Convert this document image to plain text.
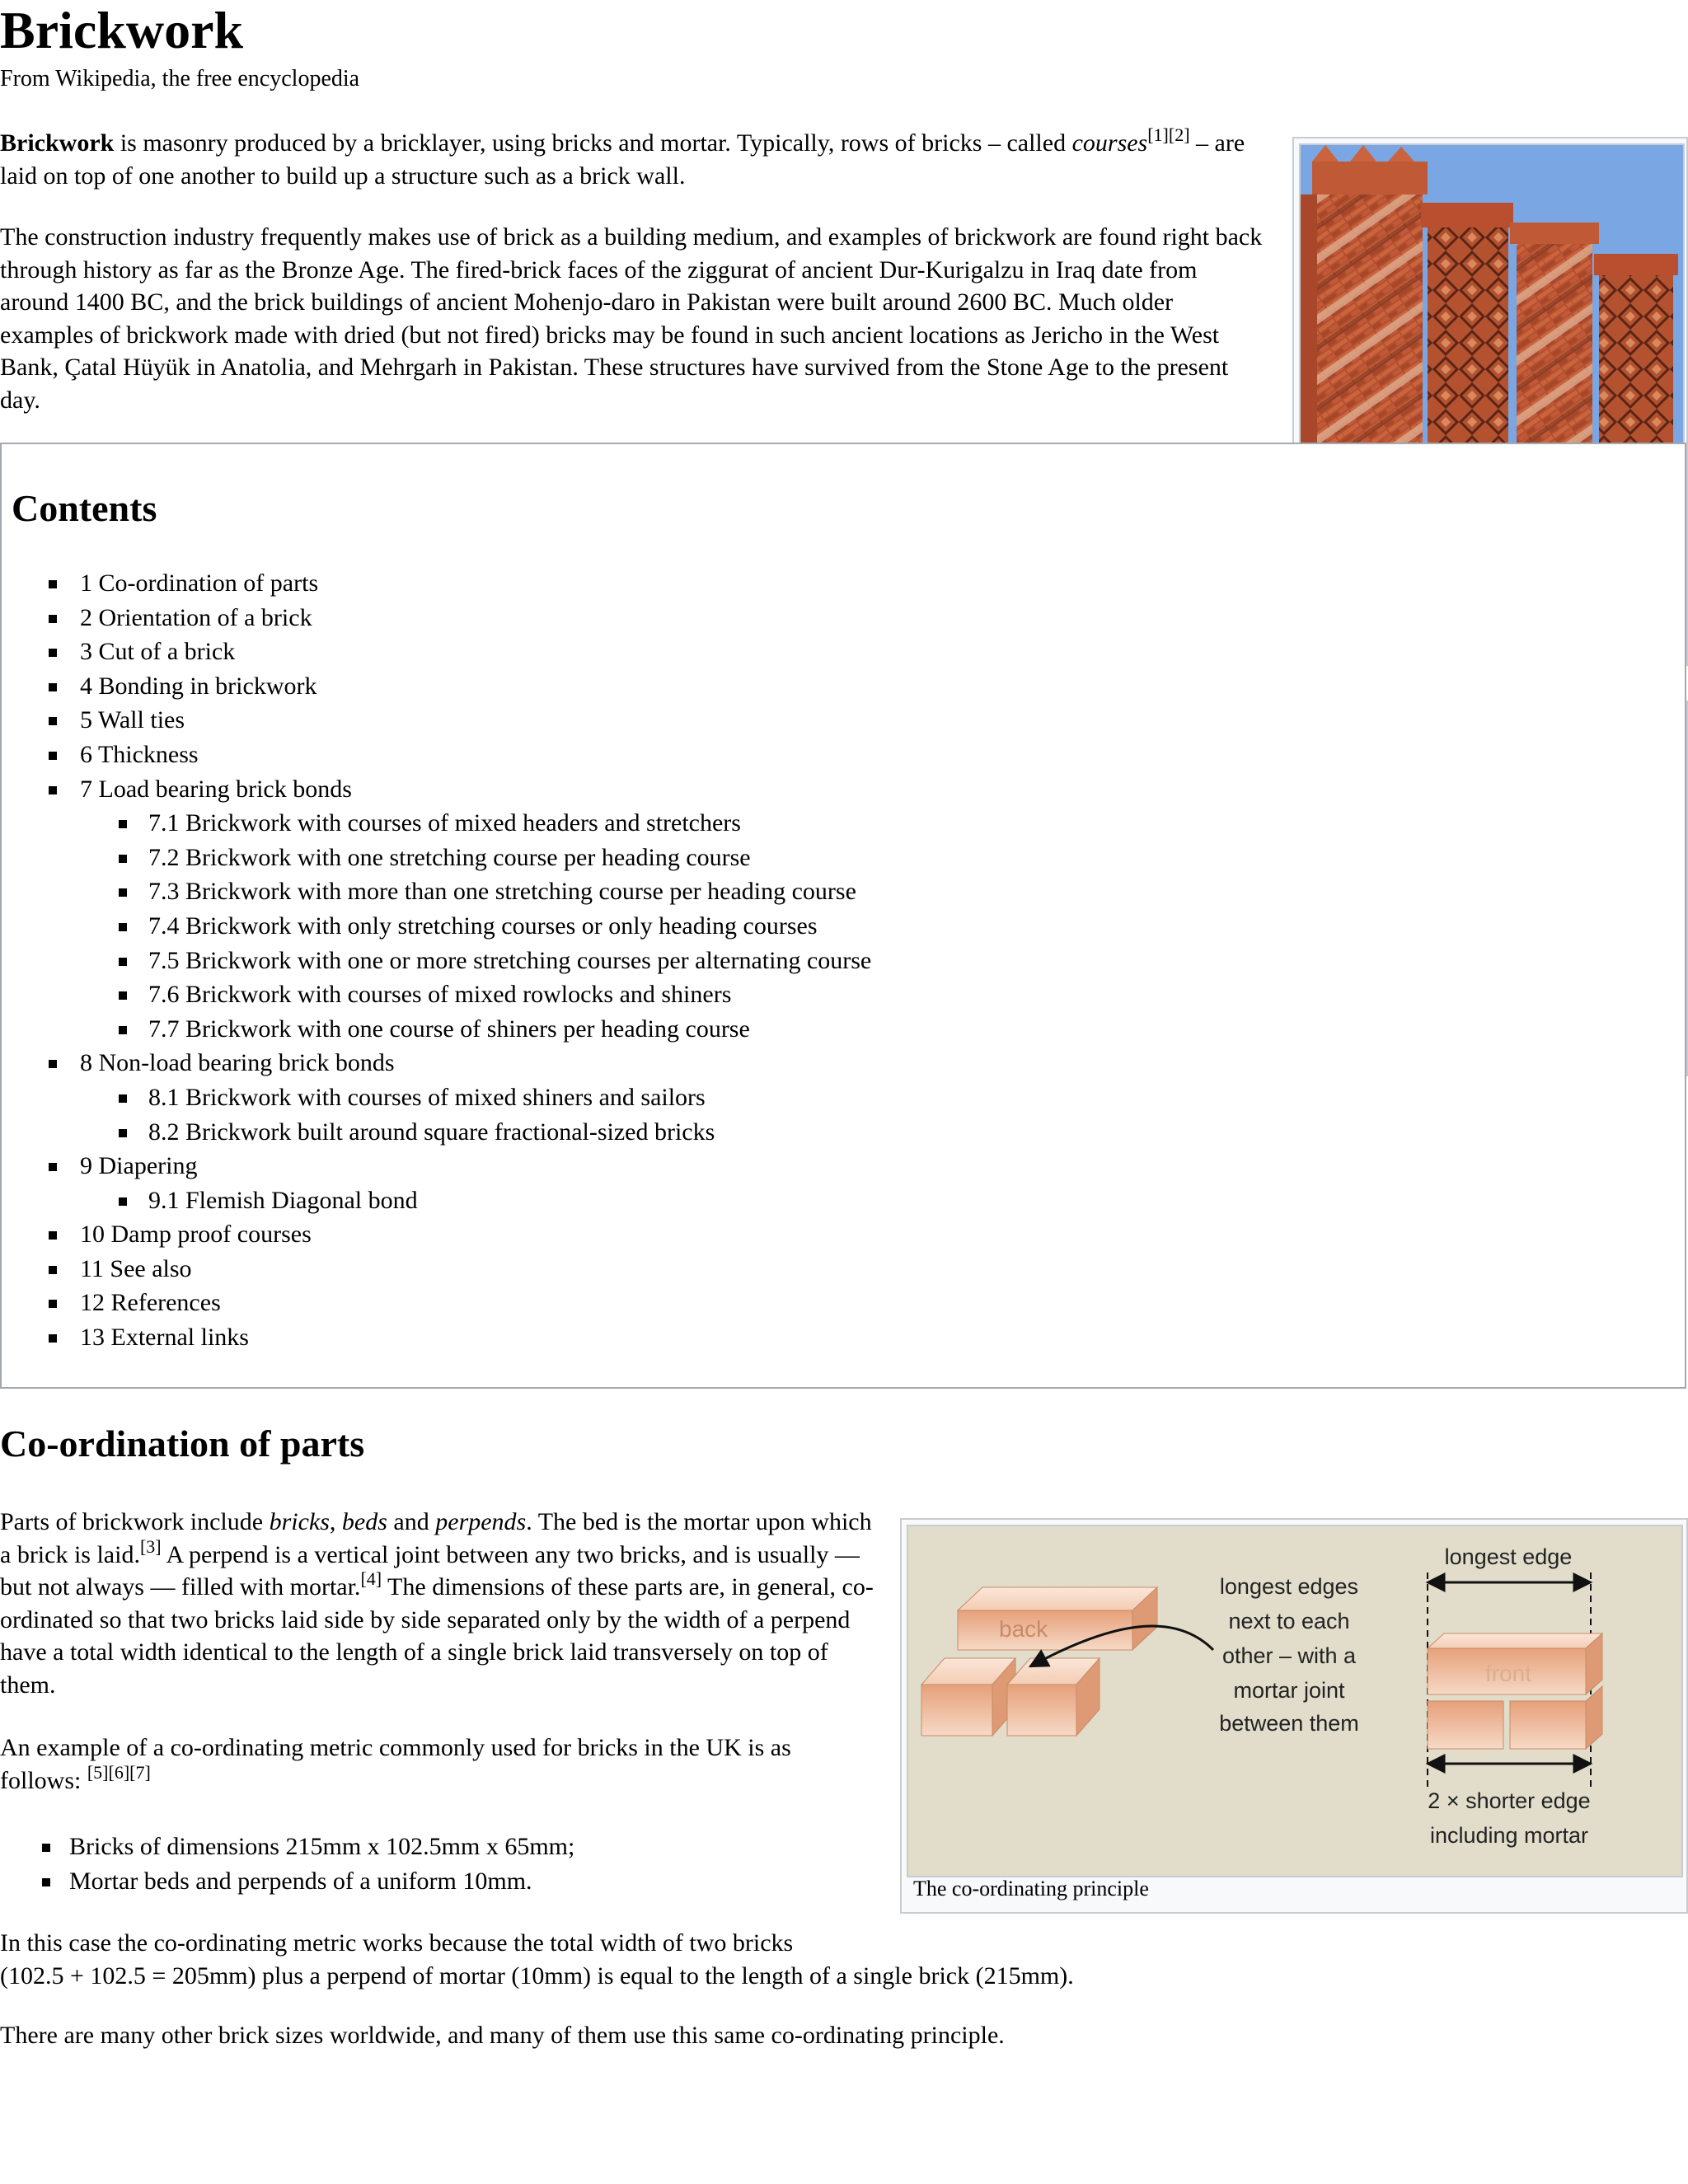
Brickwork
From Wikipedia, the free encyclopedia

Brickwork is masonry produced by a bricklayer, using bricks and mortar. Typically, rows of bricks – called courses[1][2] – are laid on top of one another to build up a structure such as a brick wall.

The construction industry frequently makes use of brick as a building medium, and examples of brickwork are found right back through history as far as the Bronze Age. The fired-brick faces of the ziggurat of ancient Dur-Kurigalzu in Iraq date from around 1400 BC, and the brick buildings of ancient Mohenjo-daro in Pakistan were built around 2600 BC. Much older examples of brickwork made with dried (but not fired) bricks may be found in such ancient locations as Jericho in the West Bank, Çatal Hüyük in Anatolia, and Mehrgarh in Pakistan. These structures have survived from the Stone Age to the present day.

Contents
1 Co-ordination of parts
2 Orientation of a brick
3 Cut of a brick
4 Bonding in brickwork
5 Wall ties
6 Thickness
7 Load bearing brick bonds
7.1 Brickwork with courses of mixed headers and stretchers
7.2 Brickwork with one stretching course per heading course
7.3 Brickwork with more than one stretching course per heading course
7.4 Brickwork with only stretching courses or only heading courses
7.5 Brickwork with one or more stretching courses per alternating course
7.6 Brickwork with courses of mixed rowlocks and shiners
7.7 Brickwork with one course of shiners per heading course
8 Non-load bearing brick bonds
8.1 Brickwork with courses of mixed shiners and sailors
8.2 Brickwork built around square fractional-sized bricks
9 Diapering
9.1 Flemish Diagonal bond
10 Damp proof courses
11 See also
12 References
13 External links
Co-ordination of parts
back
longest edges
next to each
other – with a
mortar joint
between them
longest edge
front
2 × shorter edge
including mortar
The co-ordinating principle

Parts of brickwork include bricks, beds and perpends. The bed is the mortar upon which a brick is laid.[3] A perpend is a vertical joint between any two bricks, and is usually — but not always — filled with mortar.[4] The dimensions of these parts are, in general, co-ordinated so that two bricks laid side by side separated only by the width of a perpend have a total width identical to the length of a single brick laid transversely on top of them.

An example of a co-ordinating metric commonly used for bricks in the UK is as follows: [5][6][7]

Bricks of dimensions 215mm x 102.5mm x 65mm;
Mortar beds and perpends of a uniform 10mm.

In this case the co-ordinating metric works because the total width of two bricks
(102.5 + 102.5 = 205mm) plus a perpend of mortar (10mm) is equal to the length of a single brick (215mm).

There are many other brick sizes worldwide, and many of them use this same co-ordinating principle.
